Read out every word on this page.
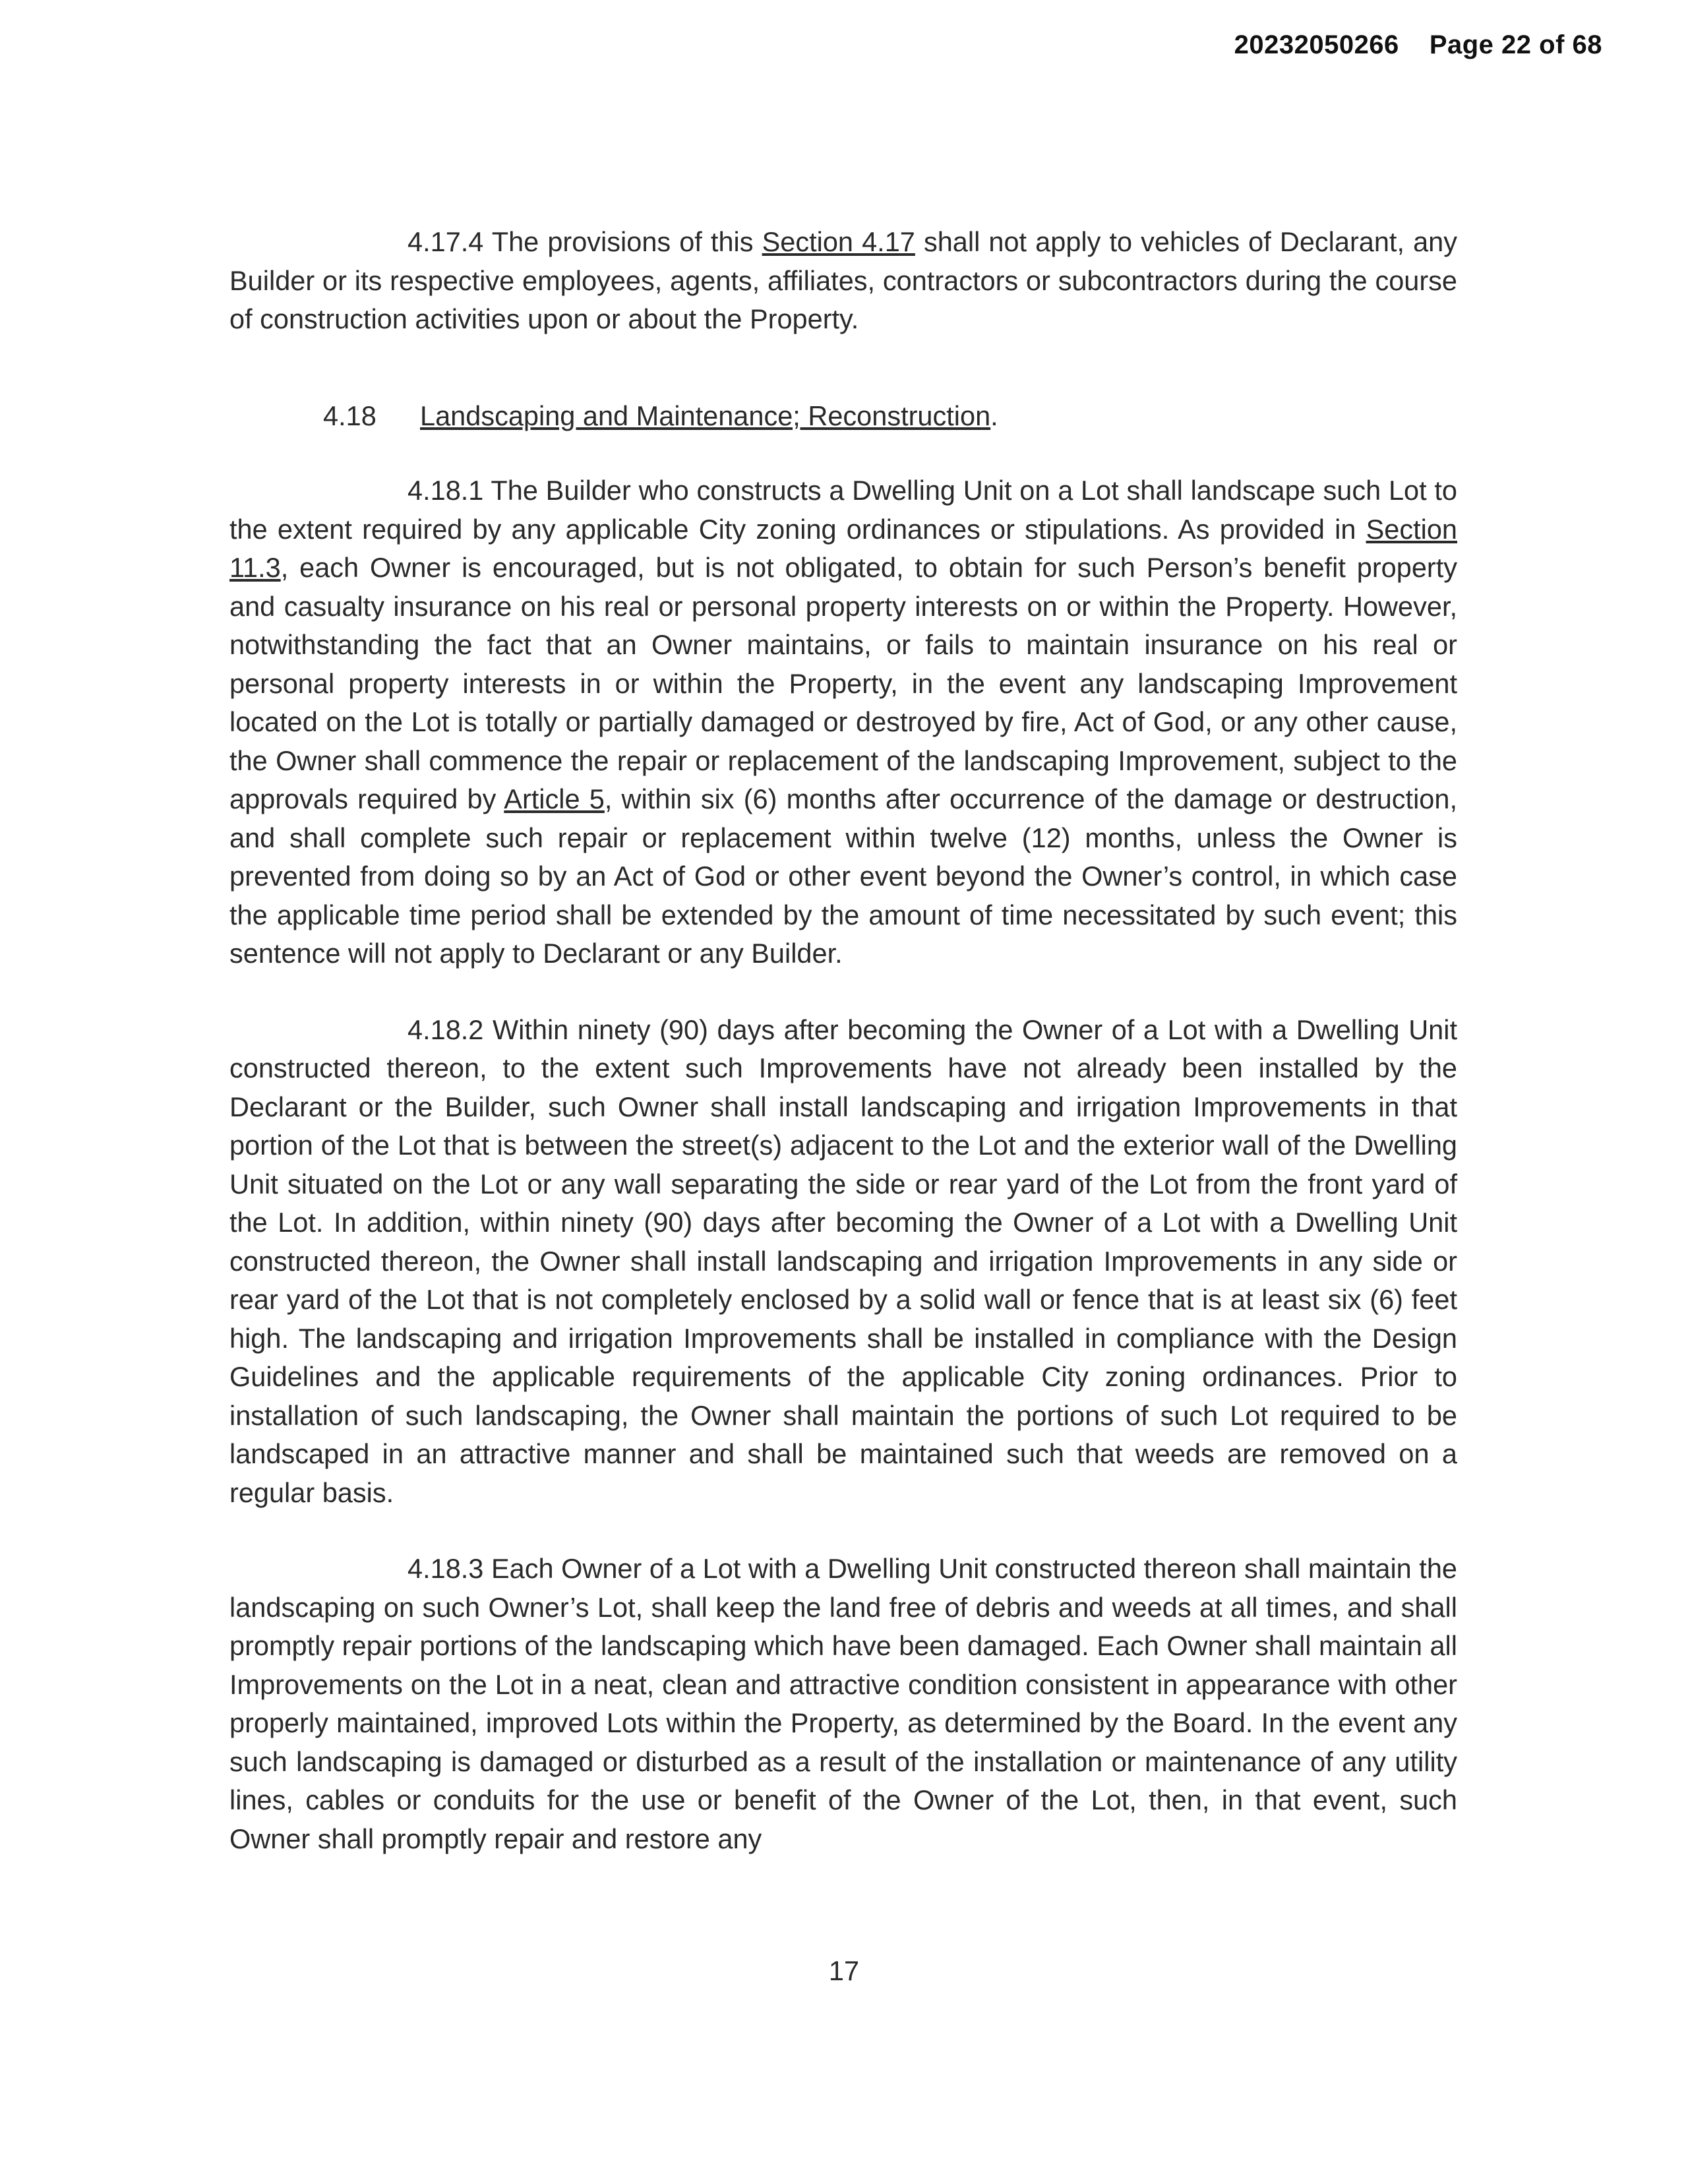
20232050266 Page 22 of 68

4.17.4 The provisions of this Section 4.17 shall not apply to vehicles of Declarant, any Builder or its respective employees, agents, affiliates, contractors or subcontractors during the course of construction activities upon or about the Property.

4.18 Landscaping and Maintenance; Reconstruction.

4.18.1 The Builder who constructs a Dwelling Unit on a Lot shall landscape such Lot to the extent required by any applicable City zoning ordinances or stipulations. As provided in Section 11.3, each Owner is encouraged, but is not obligated, to obtain for such Person’s benefit property and casualty insurance on his real or personal property interests on or within the Property. However, notwithstanding the fact that an Owner maintains, or fails to maintain insurance on his real or personal property interests in or within the Property, in the event any landscaping Improvement located on the Lot is totally or partially damaged or destroyed by fire, Act of God, or any other cause, the Owner shall commence the repair or replacement of the landscaping Improvement, subject to the approvals required by Article 5, within six (6) months after occurrence of the damage or destruction, and shall complete such repair or replacement within twelve (12) months, unless the Owner is prevented from doing so by an Act of God or other event beyond the Owner’s control, in which case the applicable time period shall be extended by the amount of time necessitated by such event; this sentence will not apply to Declarant or any Builder.

4.18.2 Within ninety (90) days after becoming the Owner of a Lot with a Dwelling Unit constructed thereon, to the extent such Improvements have not already been installed by the Declarant or the Builder, such Owner shall install landscaping and irrigation Improvements in that portion of the Lot that is between the street(s) adjacent to the Lot and the exterior wall of the Dwelling Unit situated on the Lot or any wall separating the side or rear yard of the Lot from the front yard of the Lot. In addition, within ninety (90) days after becoming the Owner of a Lot with a Dwelling Unit constructed thereon, the Owner shall install landscaping and irrigation Improvements in any side or rear yard of the Lot that is not completely enclosed by a solid wall or fence that is at least six (6) feet high. The landscaping and irrigation Improvements shall be installed in compliance with the Design Guidelines and the applicable requirements of the applicable City zoning ordinances. Prior to installation of such landscaping, the Owner shall maintain the portions of such Lot required to be landscaped in an attractive manner and shall be maintained such that weeds are removed on a regular basis.

4.18.3 Each Owner of a Lot with a Dwelling Unit constructed thereon shall maintain the landscaping on such Owner’s Lot, shall keep the land free of debris and weeds at all times, and shall promptly repair portions of the landscaping which have been damaged. Each Owner shall maintain all Improvements on the Lot in a neat, clean and attractive condition consistent in appearance with other properly maintained, improved Lots within the Property, as determined by the Board. In the event any such landscaping is damaged or disturbed as a result of the installation or maintenance of any utility lines, cables or conduits for the use or benefit of the Owner of the Lot, then, in that event, such Owner shall promptly repair and restore any

17
